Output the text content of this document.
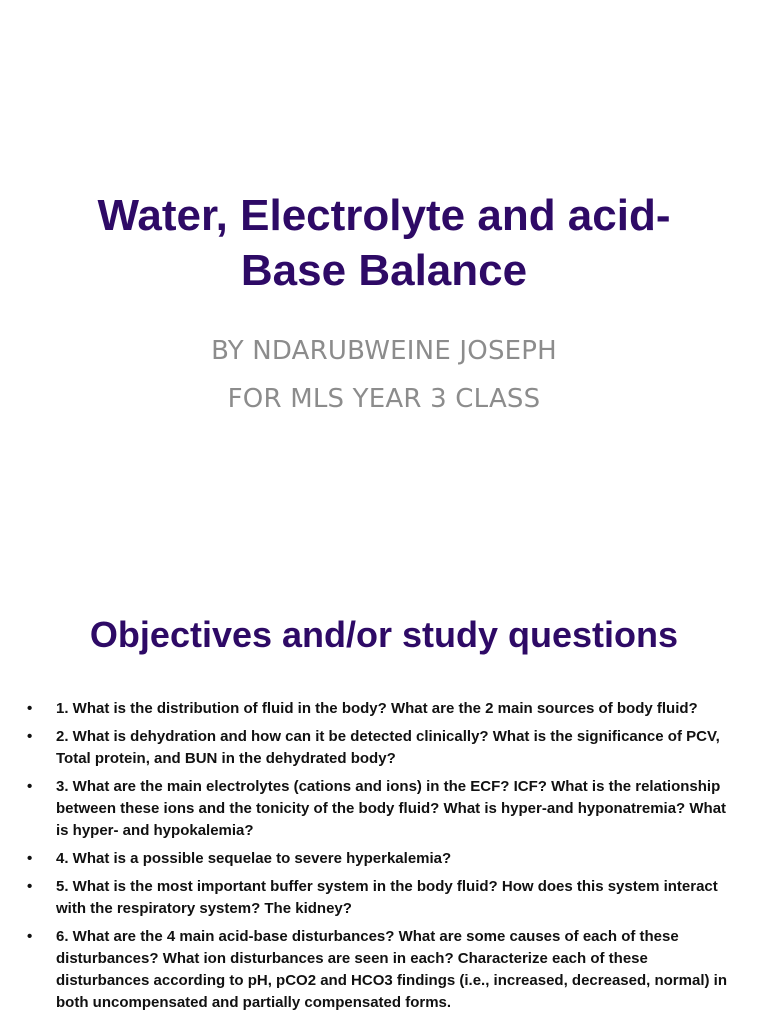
Water, Electrolyte and acid-
Base Balance

BY NDARUBWEINE JOSEPH

FOR MLS YEAR 3 CLASS

Objectives and/or study questions
• 1. What is the distribution of fluid in the body? What are the 2 main sources of body fluid?
• 2. What is dehydration and how can it be detected clinically? What is the significance of PCV, Total protein, and BUN in the dehydrated body?
• 3. What are the main electrolytes (cations and ions) in the ECF? ICF? What is the relationship between these ions and the tonicity of the body fluid? What is hyper-and hyponatremia? What is hyper- and hypokalemia?
• 4. What is a possible sequelae to severe hyperkalemia?
• 5. What is the most important buffer system in the body fluid? How does this system interact with the respiratory system? The kidney?
• 6. What are the 4 main acid-base disturbances? What are some causes of each of these disturbances? What ion disturbances are seen in each? Characterize each of these disturbances according to pH, pCO2 and HCO3 findings (i.e., increased, decreased, normal) in both uncompensated and partially compensated forms.
